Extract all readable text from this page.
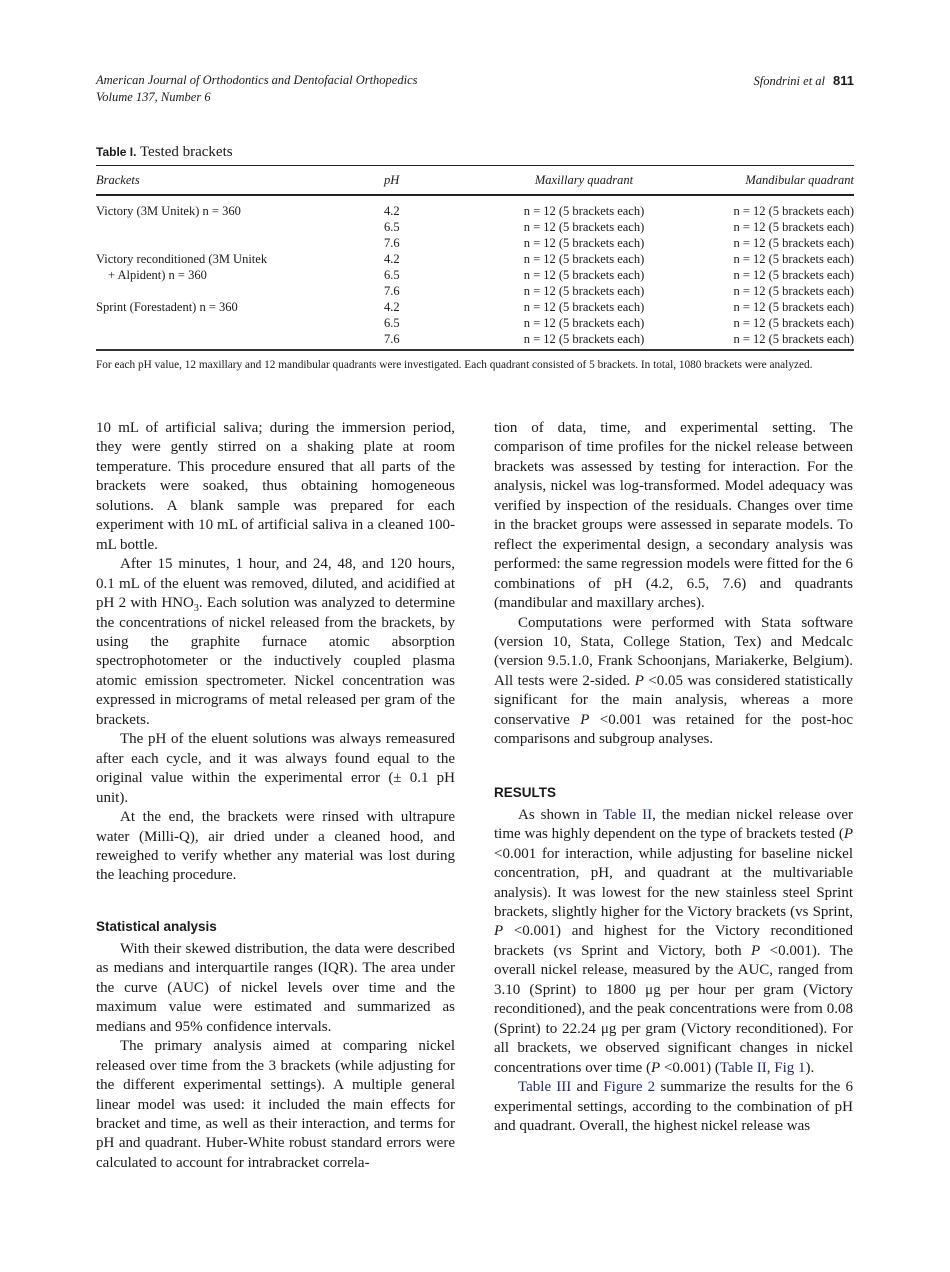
American Journal of Orthodontics and Dentofacial Orthopedics
Volume 137, Number 6
Sfondrini et al 811
Table I. Tested brackets
Brackets	pH	Maxillary quadrant	Mandibular quadrant
Victory (3M Unitek) n = 360	4.2	n = 12 (5 brackets each)	n = 12 (5 brackets each)
	6.5	n = 12 (5 brackets each)	n = 12 (5 brackets each)
	7.6	n = 12 (5 brackets each)	n = 12 (5 brackets each)
Victory reconditioned (3M Unitek	4.2	n = 12 (5 brackets each)	n = 12 (5 brackets each)
+ Alpident) n = 360	6.5	n = 12 (5 brackets each)	n = 12 (5 brackets each)
	7.6	n = 12 (5 brackets each)	n = 12 (5 brackets each)
Sprint (Forestadent) n = 360	4.2	n = 12 (5 brackets each)	n = 12 (5 brackets each)
	6.5	n = 12 (5 brackets each)	n = 12 (5 brackets each)
	7.6	n = 12 (5 brackets each)	n = 12 (5 brackets each)
For each pH value, 12 maxillary and 12 mandibular quadrants were investigated. Each quadrant consisted of 5 brackets. In total, 1080 brackets were analyzed.

10 mL of artificial saliva; during the immersion period, they were gently stirred on a shaking plate at room temperature. This procedure ensured that all parts of the brackets were soaked, thus obtaining homogeneous solutions. A blank sample was prepared for each experiment with 10 mL of artificial saliva in a cleaned 100-mL bottle.

After 15 minutes, 1 hour, and 24, 48, and 120 hours, 0.1 mL of the eluent was removed, diluted, and acidified at pH 2 with $HNO_3$. Each solution was analyzed to determine the concentrations of nickel released from the brackets, by using the graphite furnace atomic absorption spectrophotometer or the inductively coupled plasma atomic emission spectrometer. Nickel concentration was expressed in micrograms of metal released per gram of the brackets.

The pH of the eluent solutions was always remeasured after each cycle, and it was always found equal to the original value within the experimental error (± 0.1 pH unit).

At the end, the brackets were rinsed with ultrapure water (Milli-Q), air dried under a cleaned hood, and reweighed to verify whether any material was lost during the leaching procedure.

Statistical analysis

With their skewed distribution, the data were described as medians and interquartile ranges (IQR). The area under the curve (AUC) of nickel levels over time and the maximum value were estimated and summarized as medians and 95% confidence intervals.

The primary analysis aimed at comparing nickel released over time from the 3 brackets (while adjusting for the different experimental settings). A multiple general linear model was used: it included the main effects for bracket and time, as well as their interaction, and terms for pH and quadrant. Huber-White robust standard errors were calculated to account for intrabracket correla-

tion of data, time, and experimental setting. The comparison of time profiles for the nickel release between brackets was assessed by testing for interaction. For the analysis, nickel was log-transformed. Model adequacy was verified by inspection of the residuals. Changes over time in the bracket groups were assessed in separate models. To reflect the experimental design, a secondary analysis was performed: the same regression models were fitted for the 6 combinations of pH (4.2, 6.5, 7.6) and quadrants (mandibular and maxillary arches).

Computations were performed with Stata software (version 10, Stata, College Station, Tex) and Medcalc (version 9.5.1.0, Frank Schoonjans, Mariakerke, Belgium). All tests were 2-sided. P <0.05 was considered statistically significant for the main analysis, whereas a more conservative P <0.001 was retained for the post-hoc comparisons and subgroup analyses.

RESULTS

As shown in Table II, the median nickel release over time was highly dependent on the type of brackets tested (P <0.001 for interaction, while adjusting for baseline nickel concentration, pH, and quadrant at the multivariable analysis). It was lowest for the new stainless steel Sprint brackets, slightly higher for the Victory brackets (vs Sprint, P <0.001) and highest for the Victory reconditioned brackets (vs Sprint and Victory, both P <0.001). The overall nickel release, measured by the AUC, ranged from 3.10 (Sprint) to 1800 μg per hour per gram (Victory reconditioned), and the peak concentrations were from 0.08 (Sprint) to 22.24 μg per gram (Victory reconditioned). For all brackets, we observed significant changes in nickel concentrations over time (P <0.001) (Table II, Fig 1).

Table III and Figure 2 summarize the results for the 6 experimental settings, according to the combination of pH and quadrant. Overall, the highest nickel release was
